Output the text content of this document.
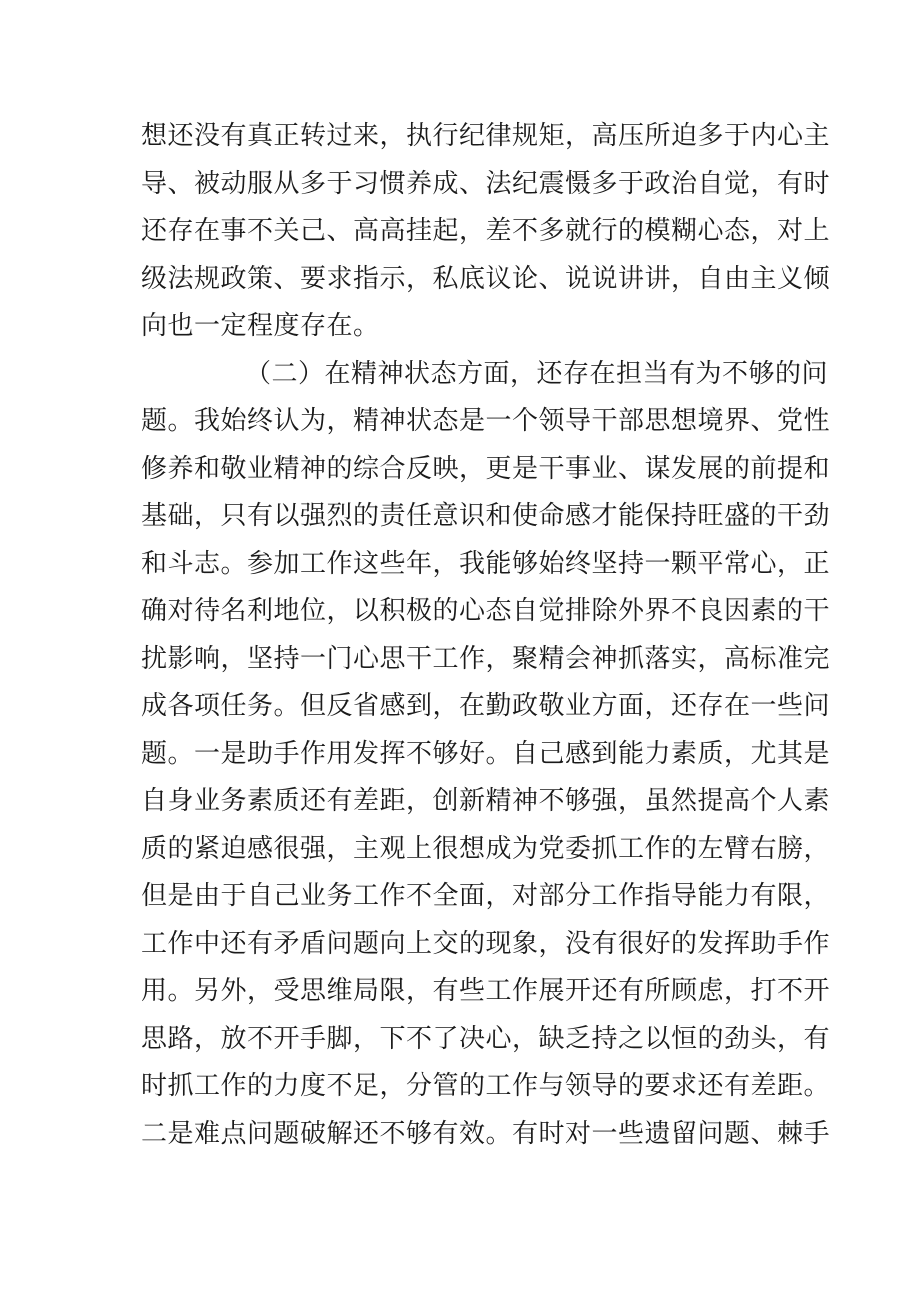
想还没有真正转过来，执行纪律规矩，高压所迫多于内心主
导、被动服从多于习惯养成、法纪震慑多于政治自觉，有时
还存在事不关己、高高挂起，差不多就行的模糊心态，对上
级法规政策、要求指示，私底议论、说说讲讲，自由主义倾
向也一定程度存在。
（二）在精神状态方面，还存在担当有为不够的问
题。我始终认为，精神状态是一个领导干部思想境界、党性
修养和敬业精神的综合反映，更是干事业、谋发展的前提和
基础，只有以强烈的责任意识和使命感才能保持旺盛的干劲
和斗志。参加工作这些年，我能够始终坚持一颗平常心，正
确对待名利地位，以积极的心态自觉排除外界不良因素的干
扰影响，坚持一门心思干工作，聚精会神抓落实，高标准完
成各项任务。但反省感到，在勤政敬业方面，还存在一些问
题。一是助手作用发挥不够好。自己感到能力素质，尤其是
自身业务素质还有差距，创新精神不够强，虽然提高个人素
质的紧迫感很强，主观上很想成为党委抓工作的左臂右膀，
但是由于自己业务工作不全面，对部分工作指导能力有限，
工作中还有矛盾问题向上交的现象，没有很好的发挥助手作
用。另外，受思维局限，有些工作展开还有所顾虑，打不开
思路，放不开手脚，下不了决心，缺乏持之以恒的劲头，有
时抓工作的力度不足，分管的工作与领导的要求还有差距。
二是难点问题破解还不够有效。有时对一些遗留问题、棘手
